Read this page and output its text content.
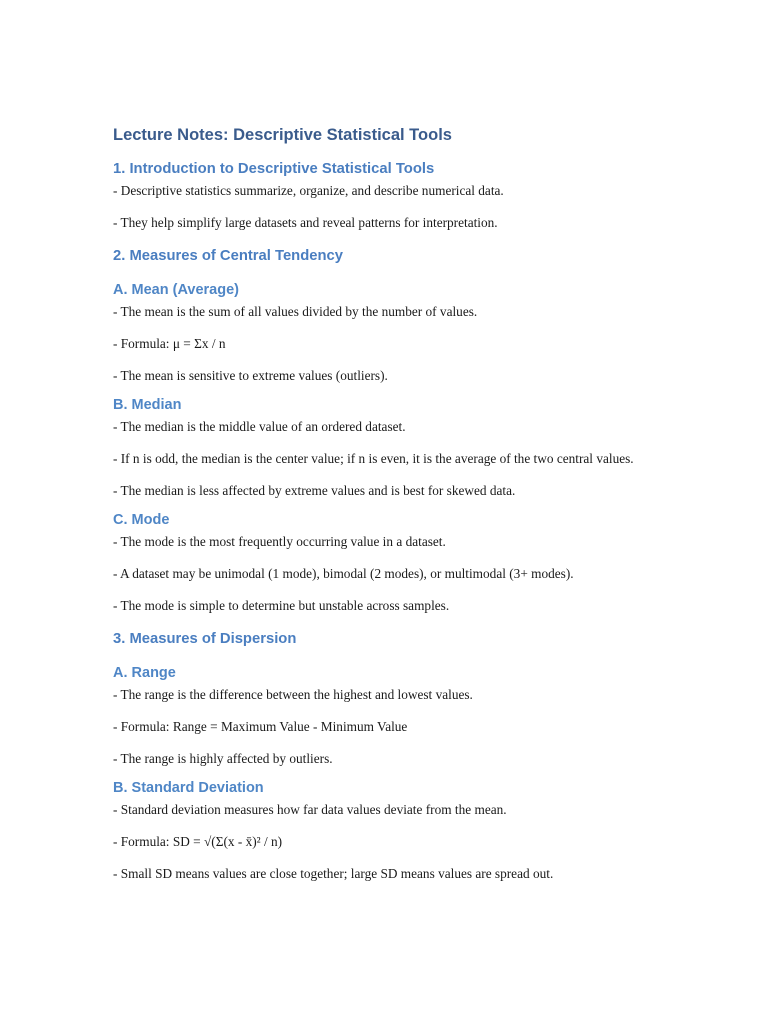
Lecture Notes: Descriptive Statistical Tools
1. Introduction to Descriptive Statistical Tools

- Descriptive statistics summarize, organize, and describe numerical data.

- They help simplify large datasets and reveal patterns for interpretation.

2. Measures of Central Tendency
A. Mean (Average)

- The mean is the sum of all values divided by the number of values.

- Formula: μ = Σx / n

- The mean is sensitive to extreme values (outliers).

B. Median

- The median is the middle value of an ordered dataset.

- If n is odd, the median is the center value; if n is even, it is the average of the two central values.

- The median is less affected by extreme values and is best for skewed data.

C. Mode

- The mode is the most frequently occurring value in a dataset.

- A dataset may be unimodal (1 mode), bimodal (2 modes), or multimodal (3+ modes).

- The mode is simple to determine but unstable across samples.

3. Measures of Dispersion
A. Range

- The range is the difference between the highest and lowest values.

- Formula: Range = Maximum Value - Minimum Value

- The range is highly affected by outliers.

B. Standard Deviation

- Standard deviation measures how far data values deviate from the mean.

- Formula: SD = √(Σ(x - x̄)² / n)

- Small SD means values are close together; large SD means values are spread out.
